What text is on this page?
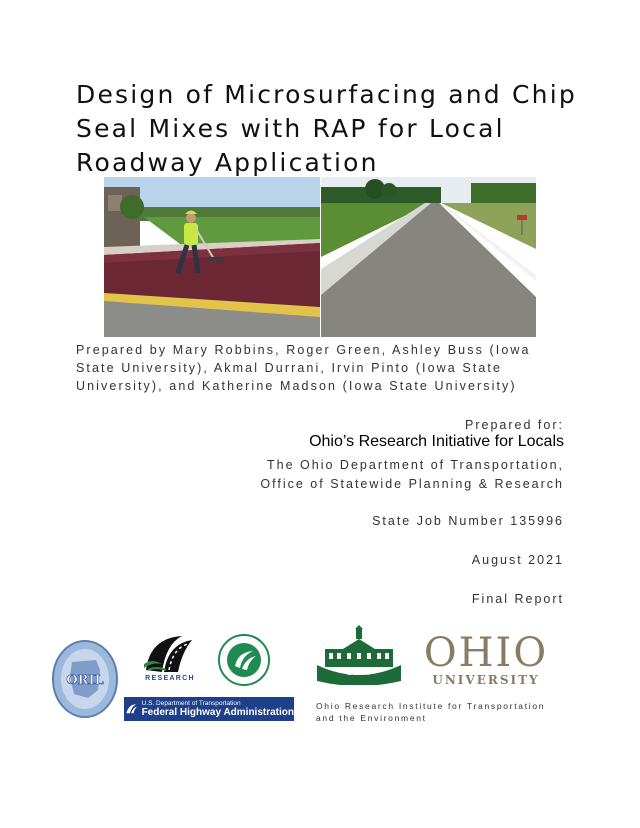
Design of Microsurfacing and Chip
Seal Mixes with RAP for Local
Roadway Application
Prepared by Mary Robbins, Roger Green, Ashley Buss (Iowa
State University), Akmal Durrani, Irvin Pinto (Iowa State
University), and Katherine Madson (Iowa State University)
Prepared for:
Ohio’s Research Initiative for Locals
The Ohio Department of Transportation,
Office of Statewide Planning & Research
State Job Number 135996
August 2021
Final Report
ORIL	RESEARCH
U.S. Department of Transportation
Federal Highway Administration
1804	OHIO
UNIVERSITY
Ohio Research Institute for Transportation
and the Environment
